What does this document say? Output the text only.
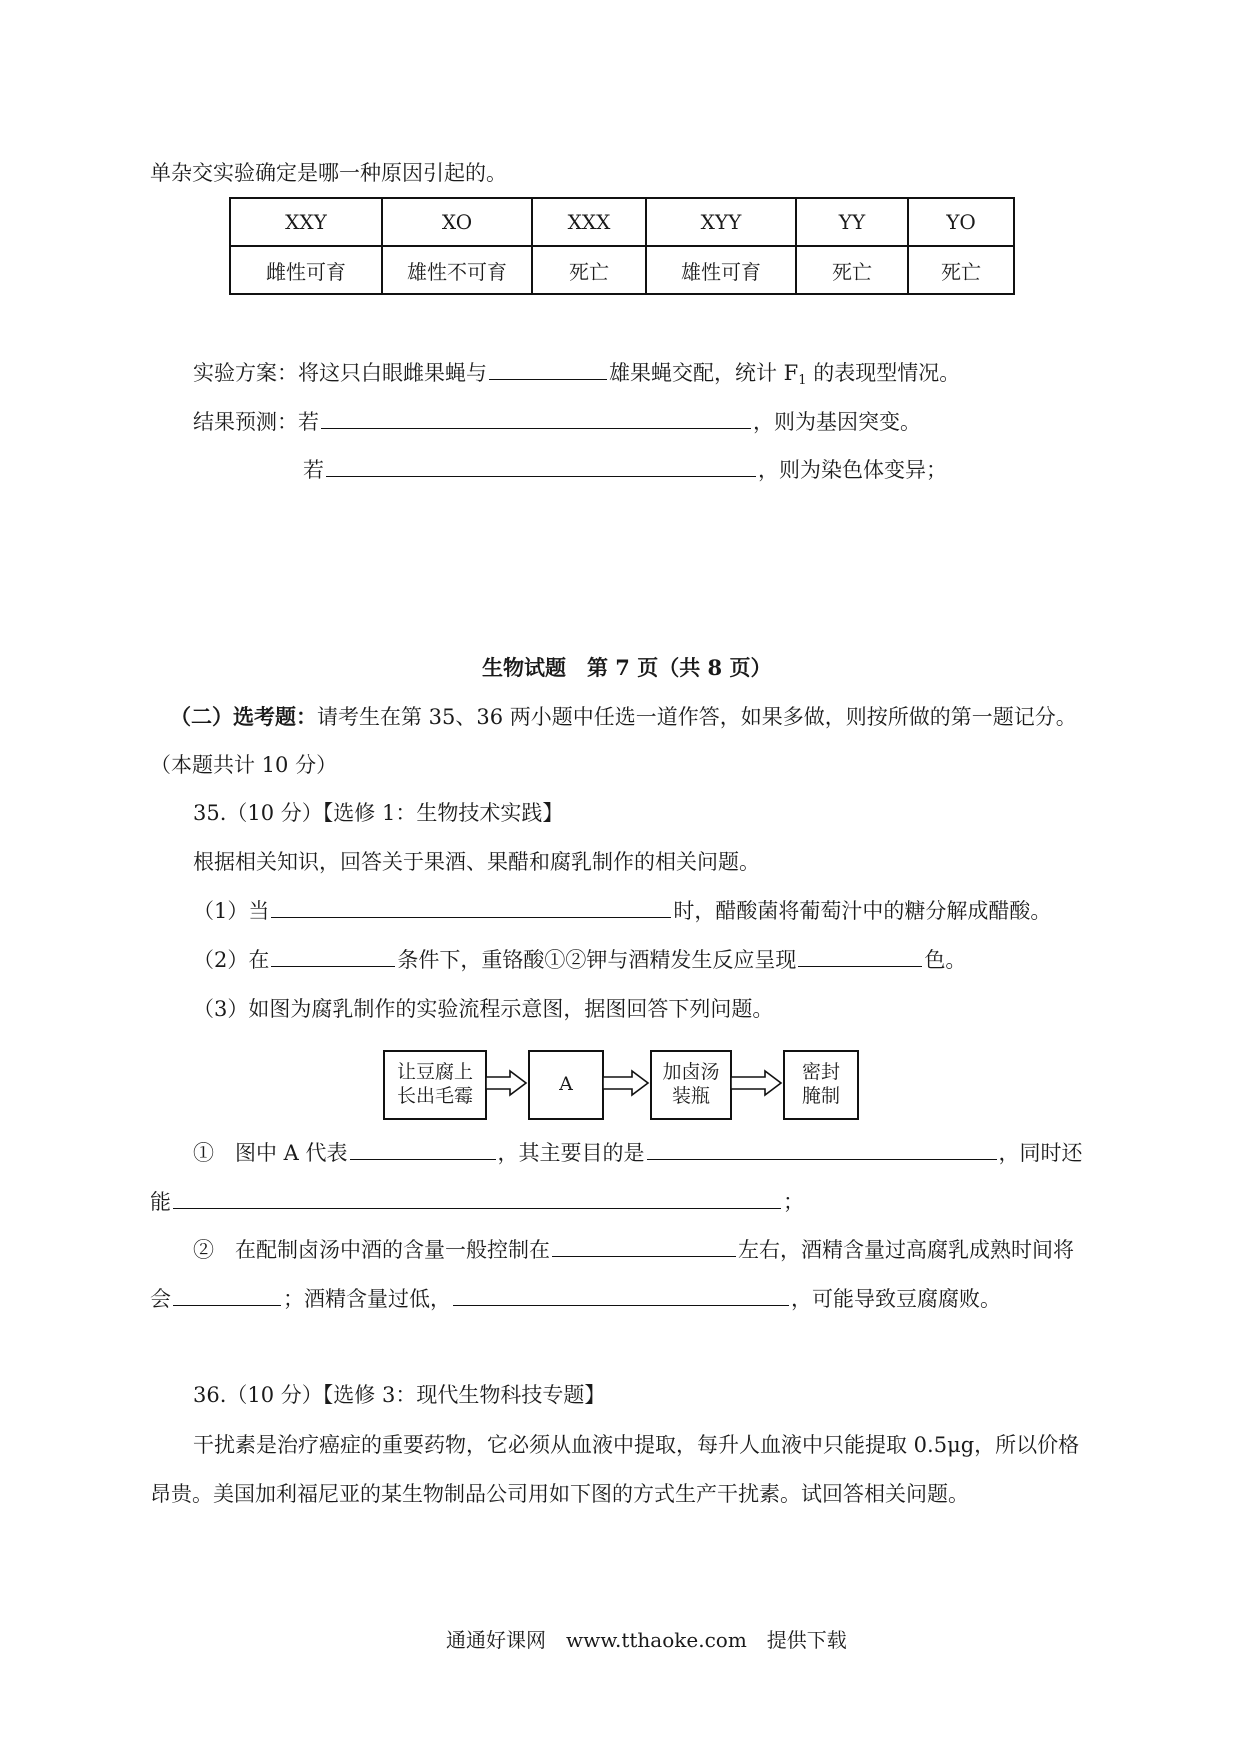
单杂交实验确定是哪一种原因引起的。
XXY	XO	XXX	XYY	YY	YO
雌性可育	雄性不可育	死亡	雄性可育	死亡	死亡
实验方案：将这只白眼雌果蝇与	雄果蝇交配，统计 $F_1$ 的表现型情况。
结果预测：若	，则为基因突变。
若	，则为染色体变异；
生物试题　第 7 页（共 8 页）
（二）选考题：请考生在第 35、36 两小题中任选一道作答，如果多做，则按所做的第一题记分。
（本题共计 10 分）
35.（10 分）【选修 1：生物技术实践】
根据相关知识，回答关于果酒、果醋和腐乳制作的相关问题。
（1）当	时，醋酸菌将葡萄汁中的糖分解成醋酸。
（2）在	条件下，重铬酸①②钾与酒精发生反应呈现	色。
（3）如图为腐乳制作的实验流程示意图，据图回答下列问题。
让豆腐上
长出毛霉
A
加卤汤
装瓶
密封
腌制
①　图中 A 代表	，其主要目的是	，同时还
能	；
②　在配制卤汤中酒的含量一般控制在	左右，酒精含量过高腐乳成熟时间将
会	；酒精含量过低，	，可能导致豆腐腐败。
36.（10 分）【选修 3：现代生物科技专题】
干扰素是治疗癌症的重要药物，它必须从血液中提取，每升人血液中只能提取 0.5μg，所以价格
昂贵。美国加利福尼亚的某生物制品公司用如下图的方式生产干扰素。试回答相关问题。
通通好课网　www.tthaoke.com　提供下载
